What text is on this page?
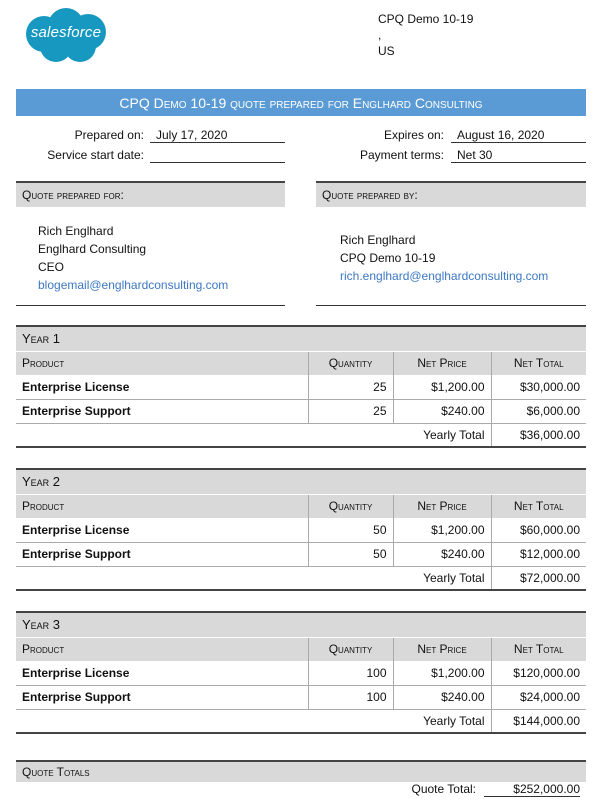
salesforce
CPQ Demo 10-19
,
US
CPQ Demo 10-19 quote prepared for Englhard Consulting
Prepared on:	July 17, 2020
Service start date:
Expires on:	August 16, 2020
Payment terms:	Net 30
Quote prepared for:	Quote prepared by:
Rich Englhard
Englhard Consulting
CEO
blogemail@englhardconsulting.com
Rich Englhard
CPQ Demo 10-19
rich.englhard@englhardconsulting.com
Year 1			
Product	Quantity	Net Price	Net Total
Enterprise License	25	$1,200.00	$30,000.00
Enterprise Support	25	$240.00	$6,000.00
		Yearly Total	$36,000.00
Year 2			
Product	Quantity	Net Price	Net Total
Enterprise License	50	$1,200.00	$60,000.00
Enterprise Support	50	$240.00	$12,000.00
		Yearly Total	$72,000.00
Year 3			
Product	Quantity	Net Price	Net Total
Enterprise License	100	$1,200.00	$120,000.00
Enterprise Support	100	$240.00	$24,000.00
		Yearly Total	$144,000.00
Quote Totals
Quote Total:	$252,000.00
